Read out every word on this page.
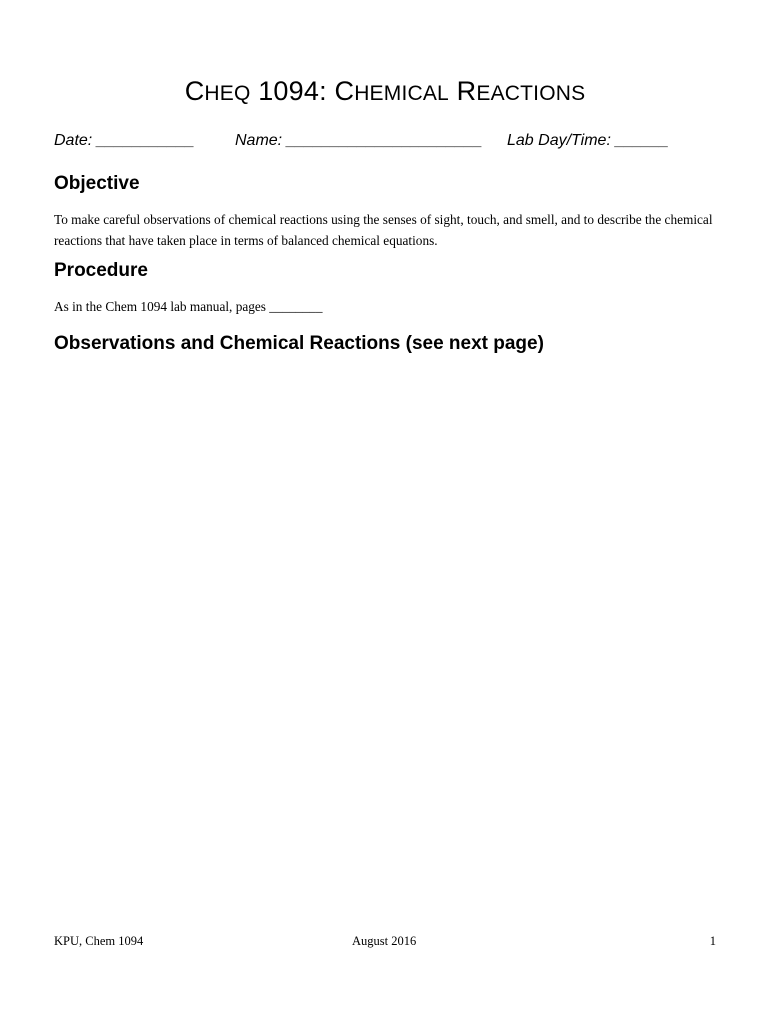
CHEQ 1094: CHEMICAL REACTIONS
Date: ___________	Name: ______________________ Lab Day/Time: ______
Objective

To make careful observations of chemical reactions using the senses of sight, touch, and smell, and to describe the chemical reactions that have taken place in terms of balanced chemical equations.

Procedure

As in the Chem 1094 lab manual, pages ________

Observations and Chemical Reactions (see next page)
KPU, Chem 1094	August 2016	1
